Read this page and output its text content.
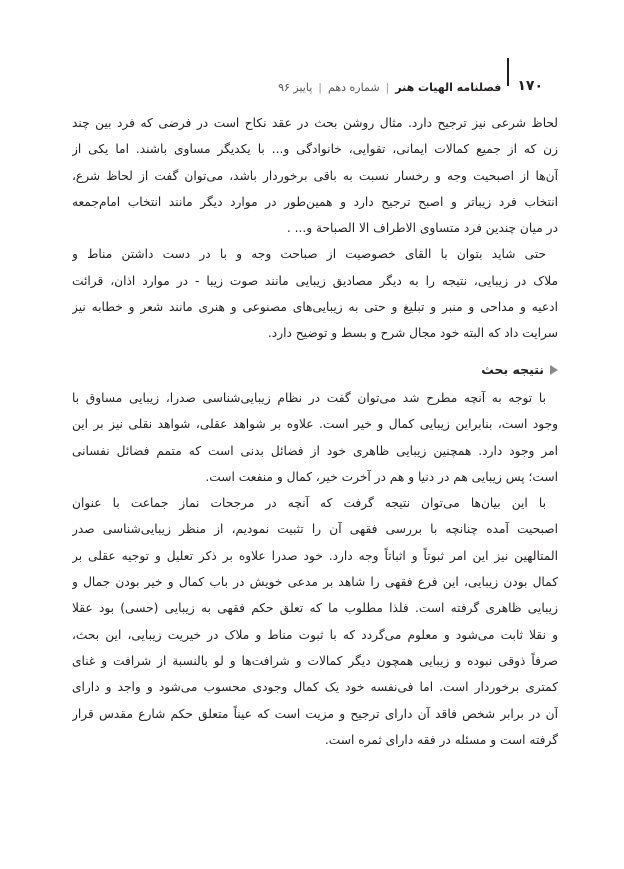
۱۷۰
فصلنامه الهیات هنر
|
شماره دهم
|
پاییز ۹۶
لحاظ شرعی نیز ترجیح دارد. مثال روشن بحث در عقد نکاح است در فرضی که فرد بین چند
زن که از جمیع کمالات ایمانی، تقوایی، خانوادگی و... با یکدیگر مساوی باشند. اما یکی از
آن‌ها از اصبحیت وجه و رخسار نسبت به باقی برخوردار باشد، می‌توان گفت از لحاظ شرع،
انتخاب فرد زیباتر و اصبح ترجیح دارد و همین‌طور در موارد دیگر مانند انتخاب امام‌جمعه
در میان چندین فرد متساوی الاطراف الا الصباحة و... .
حتی شاید بتوان با القای خصوصیت از صباحت وجه و با در دست داشتن مناط و
ملاک در زیبایی، نتیجه را به دیگر مصادیق زیبایی مانند صوت زیبا - در موارد اذان، قرائت
ادعیه و مداحی و منبر و تبلیغ و حتی به زیبایی‌های مصنوعی و هنری مانند شعر و خطابه نیز
سرایت داد که البته خود مجال شرح و بسط و توضیح دارد.
نتیجه بحث
با توجه به آنچه مطرح شد می‌توان گفت در نظام زیبایی‌شناسی صدرا، زیبایی مساوق با
وجود است، بنابراین زیبایی کمال و خیر است. علاوه بر شواهد عقلی، شواهد نقلی نیز بر این
امر وجود دارد. همچنین زیبایی ظاهری خود از فضائل بدنی است که متمم فضائل نفسانی
است؛ پس زیبایی هم در دنیا و هم در آخرت خیر، کمال و منفعت است.
با این بیان‌ها می‌توان نتیجه گرفت که آنچه در مرجحات نماز جماعت با عنوان
اصبحیت آمده چنانچه با بررسی فقهی آن را تثبیت نمودیم، از منظر زیبایی‌شناسی صدر
المتالهین نیز این امر ثبوتاً و اثباتاً وجه دارد. خود صدرا علاوه بر ذکر تعلیل و توجیه عقلی بر
کمال بودن زیبایی، این فرع فقهی را شاهد بر مدعی خویش در باب کمال و خیر بودن جمال و
زیبایی ظاهری گرفته است. فلذا مطلوب ما که تعلق حکم فقهی به زیبایی (حسی) بود عقلا
و نقلا ثابت می‌شود و معلوم می‌گردد که با ثبوت مناط و ملاک در خیریت زیبایی، این بحث،
صرفاً ذوقی نبوده و زیبایی همچون دیگر کمالات و شرافت‌ها و لو بالنسبة از شرافت و غنای
کمتری برخوردار است. اما فی‌نفسه خود یک کمال وجودی محسوب می‌شود و واجد و دارای
آن در برابر شخص فاقد آن دارای ترجیح و مزیت است که عیناً متعلق حکم شارع مقدس قرار
گرفته است و مسئله در فقه دارای ثمره است.
